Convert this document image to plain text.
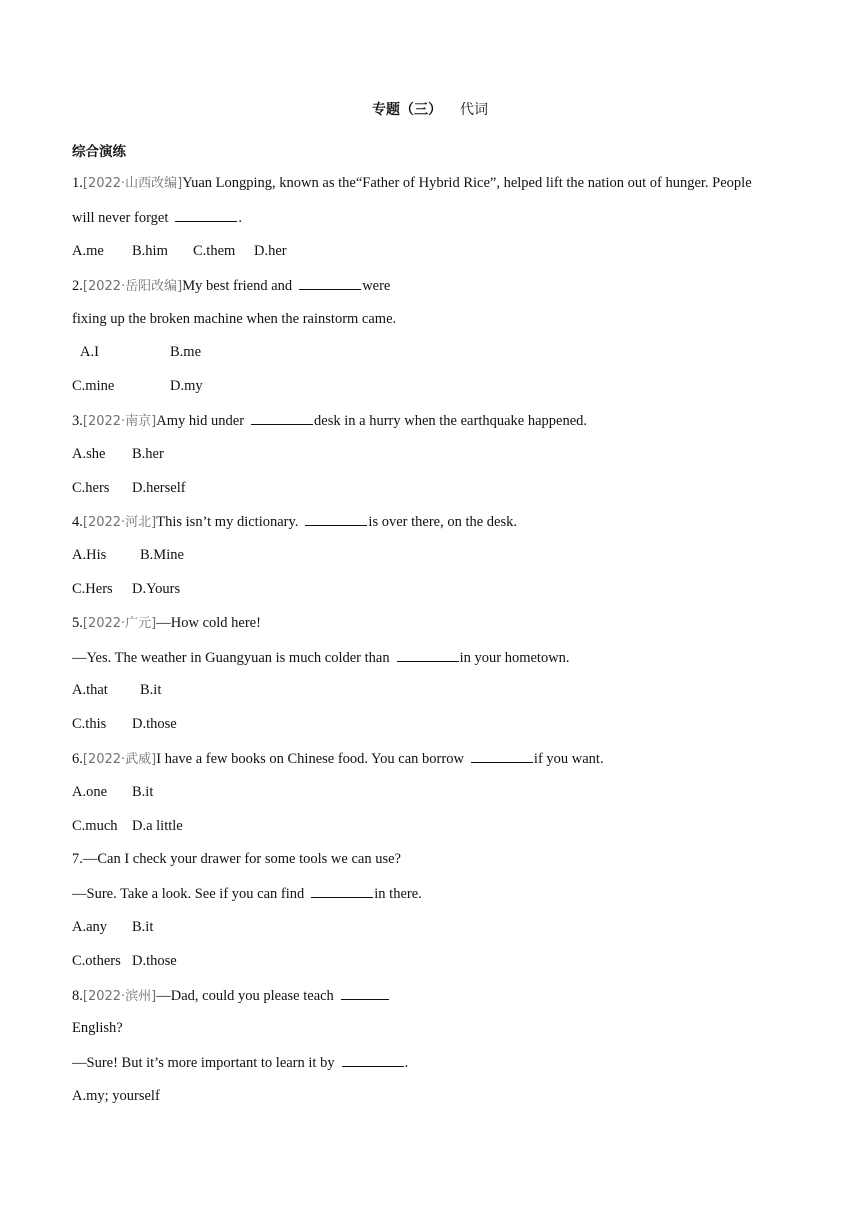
专题（三） 代词
综合演练
1.[2022·山西改编]Yuan Longping, known as the“Father of Hybrid Rice”, helped lift the nation out of hunger. People
will never forget	.
A.me B.him C.them D.her
2.[2022·岳阳改编]My best friend and	were
fixing up the broken machine when the rainstorm came.
A.I	B.me
C.mine	D.my
3.[2022·南京]Amy hid under	desk in a hurry when the earthquake happened.
A.she B.her
C.hers D.herself
4.[2022·河北]This isn’t my dictionary.	is over there, on the desk.
A.His B.Mine
C.Hers D.Yours
5.[2022·广元]—How cold here!
—Yes. The weather in Guangyuan is much colder than	in your hometown.
A.that B.it
C.this D.those
6.[2022·武威]I have a few books on Chinese food. You can borrow	if you want.
A.one B.it
C.much D.a little
7.—Can I check your drawer for some tools we can use?
—Sure. Take a look. See if you can find	in there.
A.any B.it
C.others D.those
8.[2022·滨州]—Dad, could you please teach
English?
—Sure! But it’s more important to learn it by	.
A.my; yourself
